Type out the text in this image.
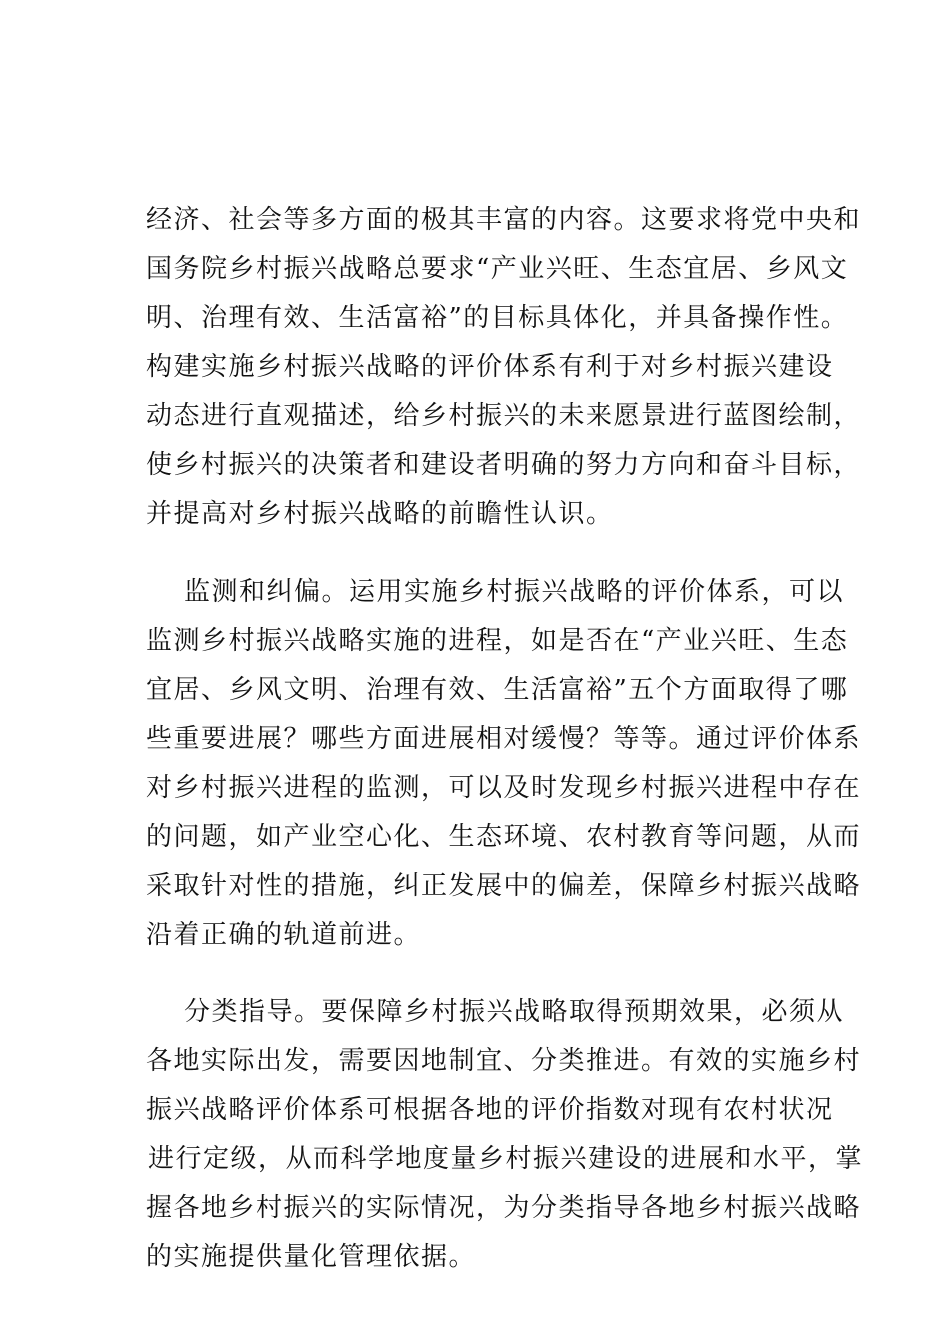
经济、社会等多方面的极其丰富的内容。这要求将党中央和
国务院乡村振兴战略总要求“产业兴旺、生态宜居、乡风文
明、治理有效、生活富裕”的目标具体化，并具备操作性。
构建实施乡村振兴战略的评价体系有利于对乡村振兴建设
动态进行直观描述，给乡村振兴的未来愿景进行蓝图绘制，
使乡村振兴的决策者和建设者明确的努力方向和奋斗目标，
并提高对乡村振兴战略的前瞻性认识。
监测和纠偏。运用实施乡村振兴战略的评价体系，可以
监测乡村振兴战略实施的进程，如是否在“产业兴旺、生态
宜居、乡风文明、治理有效、生活富裕”五个方面取得了哪
些重要进展？哪些方面进展相对缓慢？等等。通过评价体系
对乡村振兴进程的监测，可以及时发现乡村振兴进程中存在
的问题，如产业空心化、生态环境、农村教育等问题，从而
采取针对性的措施，纠正发展中的偏差，保障乡村振兴战略
沿着正确的轨道前进。
分类指导。要保障乡村振兴战略取得预期效果，必须从
各地实际出发，需要因地制宜、分类推进。有效的实施乡村
振兴战略评价体系可根据各地的评价指数对现有农村状况
进行定级，从而科学地度量乡村振兴建设的进展和水平，掌
握各地乡村振兴的实际情况，为分类指导各地乡村振兴战略
的实施提供量化管理依据。
